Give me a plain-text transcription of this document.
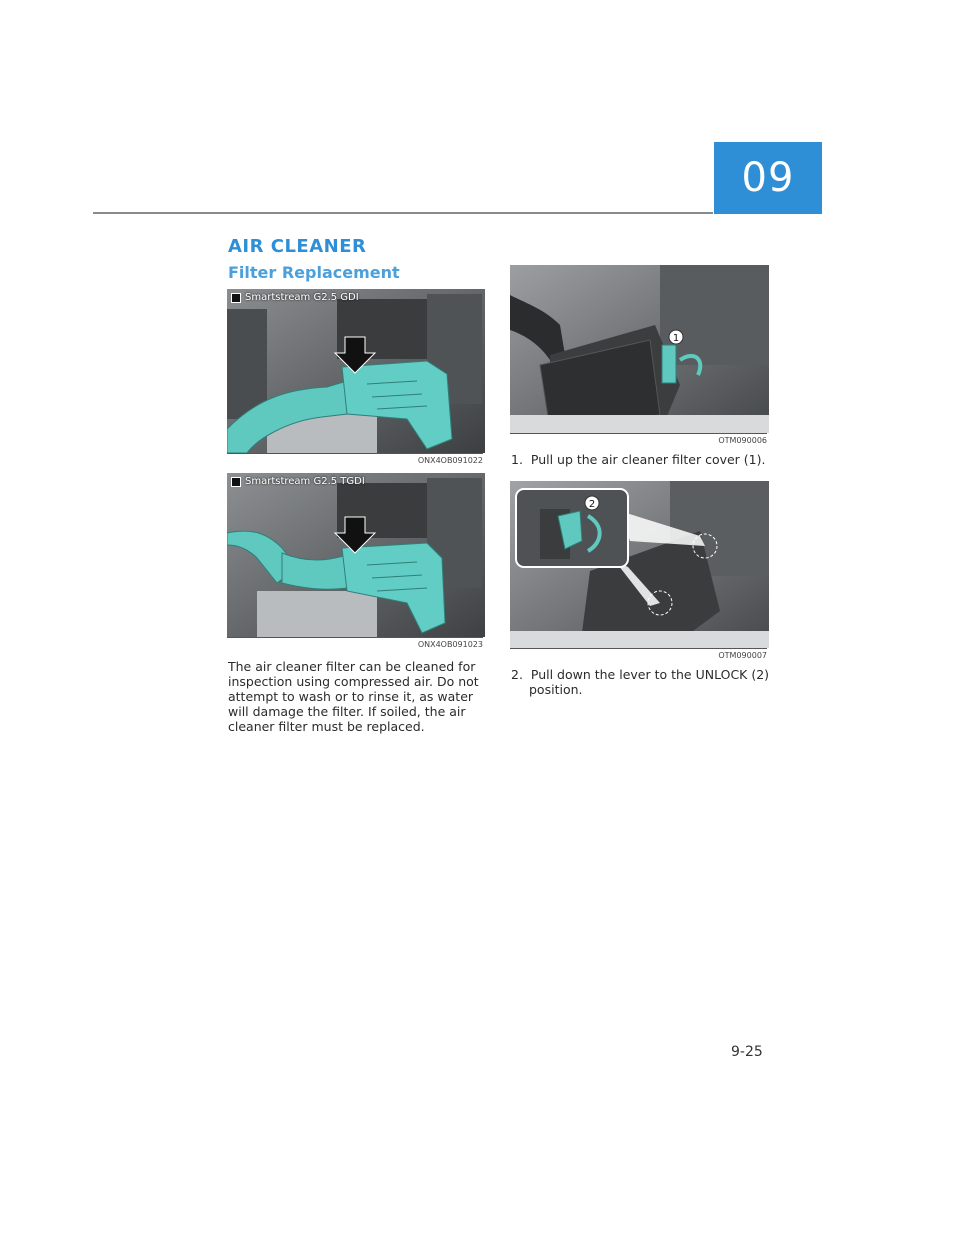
09
AIR CLEANER
Filter Replacement
Smartstream G2.5 GDI
ONX4OB091022
Smartstream G2.5 TGDI
ONX4OB091023
The air cleaner filter can be cleaned for inspection using compressed air. Do not attempt to wash or to rinse it, as water will damage the filter. If soiled, the air cleaner filter must be replaced.
1
OTM090006
1.  Pull up the air cleaner filter cover (1).
2
OTM090007
2.  Pull down the lever to the UNLOCK (2) position.
9-25
